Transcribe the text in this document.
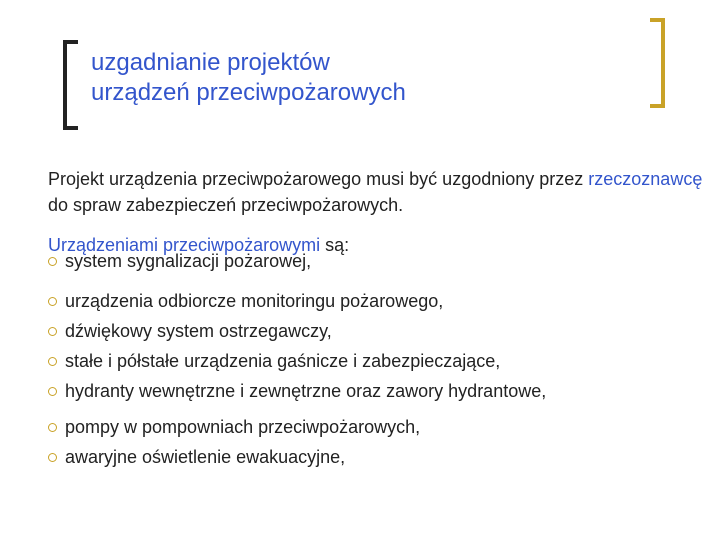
uzgadnianie projektów
urządzeń przeciwpożarowych
Projekt urządzenia przeciwpożarowego musi być uzgodniony przez rzeczoznawcę do spraw zabezpieczeń przeciwpożarowych.
Urządzeniami przeciwpożarowymi są:
system sygnalizacji pożarowej,
urządzenia odbiorcze monitoringu pożarowego,
dźwiękowy system ostrzegawczy,
stałe i półstałe urządzenia gaśnicze i zabezpieczające,
hydranty wewnętrzne i zewnętrzne oraz zawory hydrantowe,
pompy w pompowniach przeciwpożarowych,
awaryjne oświetlenie ewakuacyjne,
